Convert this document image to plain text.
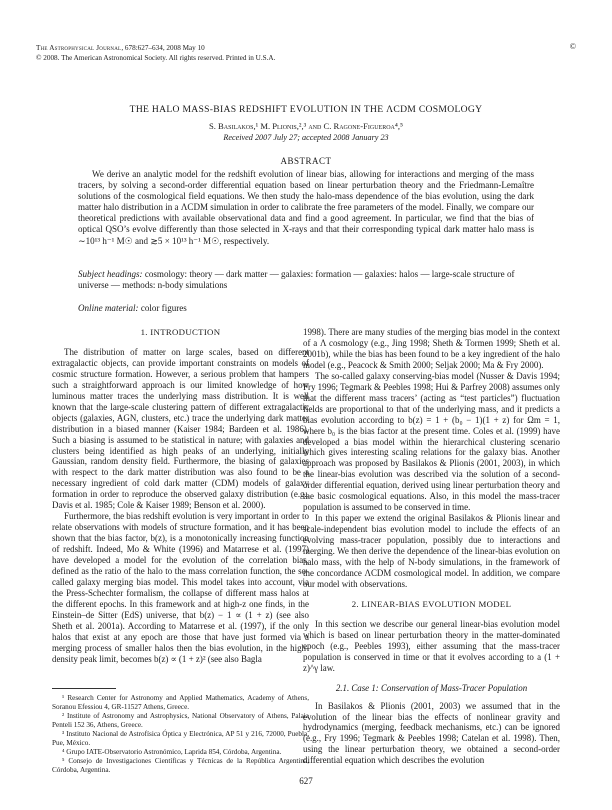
The Astrophysical Journal, 678:627–634, 2008 May 10
© 2008. The American Astronomical Society. All rights reserved. Printed in U.S.A.
©
THE HALO MASS-BIAS REDSHIFT EVOLUTION IN THE ΛCDM COSMOLOGY
S. Basilakos,¹ M. Plionis,²,³ and C. Ragone-Figueroa⁴,⁵
Received 2007 July 27; accepted 2008 January 23
ABSTRACT

We derive an analytic model for the redshift evolution of linear bias, allowing for interactions and merging of the mass tracers, by solving a second-order differential equation based on linear perturbation theory and the Friedmann-Lemaître solutions of the cosmological field equations. We then study the halo-mass dependence of the bias evolution, using the dark matter halo distribution in a ΛCDM simulation in order to calibrate the free parameters of the model. Finally, we compare our theoretical predictions with available observational data and find a good agreement. In particular, we find that the bias of optical QSO’s evolve differently than those selected in X-rays and that their corresponding typical dark matter halo mass is ∼10¹³ h⁻¹ M☉ and ≳5 × 10¹³ h⁻¹ M☉, respectively.

Subject headings: cosmology: theory — dark matter — galaxies: formation — galaxies: halos — large-scale structure of universe — methods: n-body simulations
Online material: color figures
1. INTRODUCTION

The distribution of matter on large scales, based on different extragalactic objects, can provide important constraints on models of cosmic structure formation. However, a serious problem that hampers such a straightforward approach is our limited knowledge of how luminous matter traces the underlying mass distribution. It is well known that the large-scale clustering pattern of different extragalactic objects (galaxies, AGN, clusters, etc.) trace the underlying dark matter distribution in a biased manner (Kaiser 1984; Bardeen et al. 1986). Such a biasing is assumed to be statistical in nature; with galaxies and clusters being identified as high peaks of an underlying, initially Gaussian, random density field. Furthermore, the biasing of galaxies with respect to the dark matter distribution was also found to be a necessary ingredient of cold dark matter (CDM) models of galaxy formation in order to reproduce the observed galaxy distribution (e.g., Davis et al. 1985; Cole & Kaiser 1989; Benson et al. 2000).

Furthermore, the bias redshift evolution is very important in order to relate observations with models of structure formation, and it has been shown that the bias factor, b(z), is a monotonically increasing function of redshift. Indeed, Mo & White (1996) and Matarrese et al. (1997) have developed a model for the evolution of the correlation bias, defined as the ratio of the halo to the mass correlation function, the so-called galaxy merging bias model. This model takes into account, via the Press-Schechter formalism, the collapse of different mass halos at the different epochs. In this framework and at high-z one finds, in the Einstein–de Sitter (EdS) universe, that b(z) − 1 ∝ (1 + z) (see also Sheth et al. 2001a). According to Matarrese et al. (1997), if the only halos that exist at any epoch are those that have just formed via a merging process of smaller halos then the bias evolution, in the high-density peak limit, becomes b(z) ∝ (1 + z)² (see also Bagla

1998). There are many studies of the merging bias model in the context of a Λ cosmology (e.g., Jing 1998; Sheth & Tormen 1999; Sheth et al. 2001b), while the bias has been found to be a key ingredient of the halo model (e.g., Peacock & Smith 2000; Seljak 2000; Ma & Fry 2000).

The so-called galaxy conserving-bias model (Nusser & Davis 1994; Fry 1996; Tegmark & Peebles 1998; Hui & Parfrey 2008) assumes only that the different mass tracers’ (acting as “test particles”) fluctuation fields are proportional to that of the underlying mass, and it predicts a bias evolution according to b(z) = 1 + (b₀ − 1)(1 + z) for Ωm = 1, where b₀ is the bias factor at the present time. Coles et al. (1999) have developed a bias model within the hierarchical clustering scenario which gives interesting scaling relations for the galaxy bias. Another approach was proposed by Basilakos & Plionis (2001, 2003), in which the linear-bias evolution was described via the solution of a second-order differential equation, derived using linear perturbation theory and the basic cosmological equations. Also, in this model the mass-tracer population is assumed to be conserved in time.

In this paper we extend the original Basilakos & Plionis linear and scale-independent bias evolution model to include the effects of an evolving mass-tracer population, possibly due to interactions and merging. We then derive the dependence of the linear-bias evolution on halo mass, with the help of N-body simulations, in the framework of the concordance ΛCDM cosmological model. In addition, we compare our model with observations.

2. LINEAR-BIAS EVOLUTION MODEL

In this section we describe our general linear-bias evolution model which is based on linear perturbation theory in the matter-dominated epoch (e.g., Peebles 1993), either assuming that the mass-tracer population is conserved in time or that it evolves according to a (1 + z)^γ law.

2.1. Case 1: Conservation of Mass-Tracer Population

In Basilakos & Plionis (2001, 2003) we assumed that in the evolution of the linear bias the effects of nonlinear gravity and hydrodynamics (merging, feedback mechanisms, etc.) can be ignored (e.g., Fry 1996; Tegmark & Peebles 1998; Catelan et al. 1998). Then, using the linear perturbation theory, we obtained a second-order differential equation which describes the evolution

¹ Research Center for Astronomy and Applied Mathematics, Academy of Athens, Soranou Efessiou 4, GR-11527 Athens, Greece.
² Institute of Astronomy and Astrophysics, National Observatory of Athens, Palaia Penteli 152 36, Athens, Greece.
³ Instituto Nacional de Astrofísica Óptica y Electrónica, AP 51 y 216, 72000, Puebla, Pue, México.
⁴ Grupo IATE-Observatorio Astronómico, Laprida 854, Córdoba, Argentina.
⁵ Consejo de Investigaciones Científicas y Técnicas de la República Argentina, Córdoba, Argentina.
627
